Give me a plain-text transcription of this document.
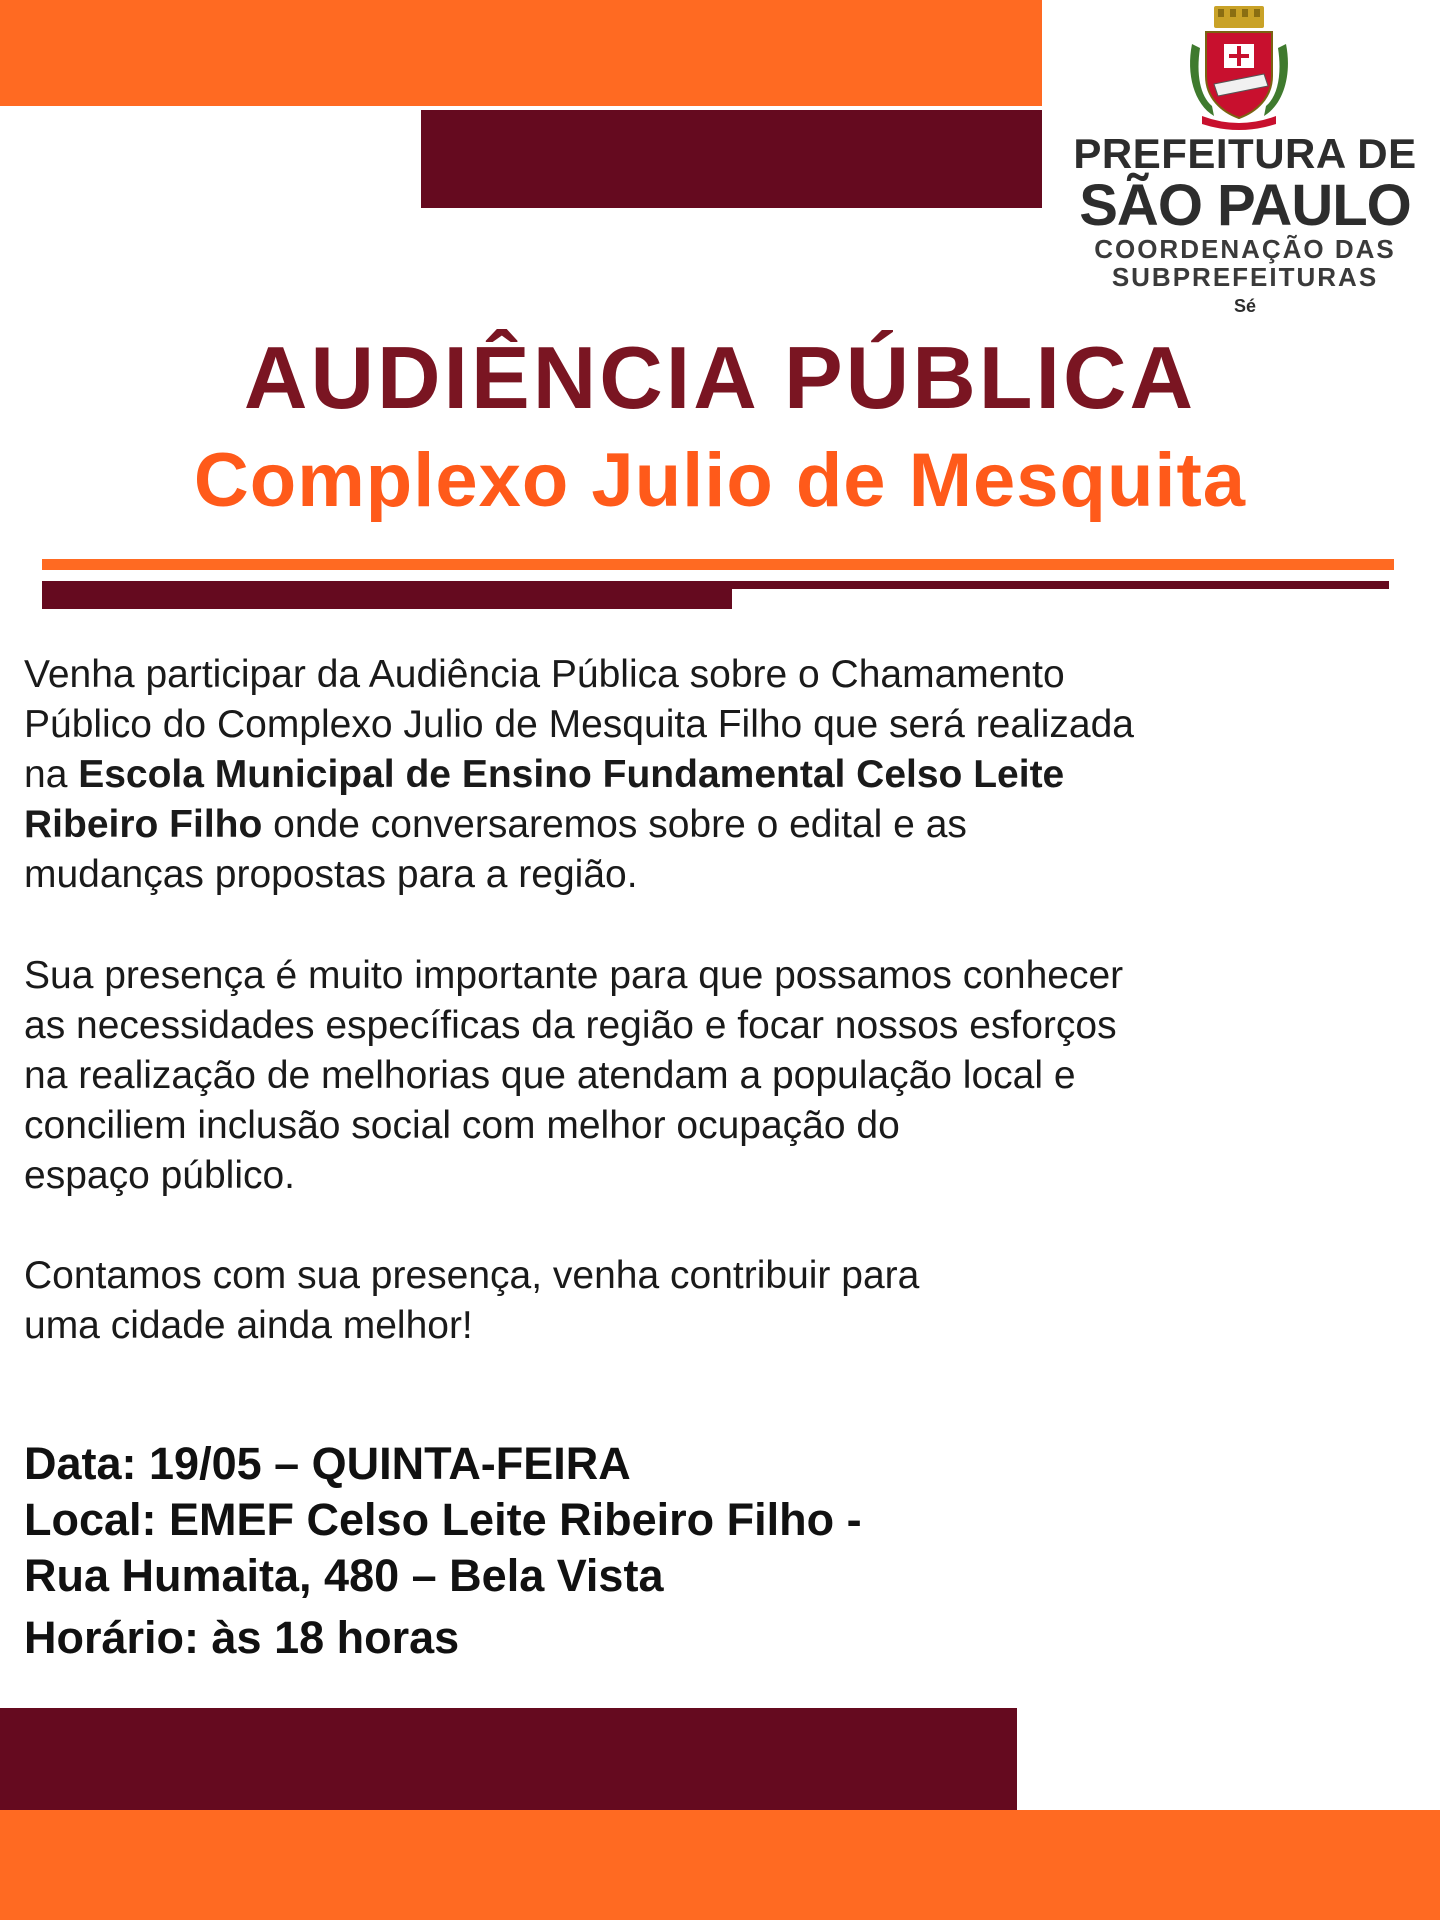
PREFEITURA DE
SÃO PAULO
COORDENAÇÃO DAS
SUBPREFEITURAS
Sé
AUDIÊNCIA PÚBLICA
Complexo Julio de Mesquita

Venha participar da Audiência Pública sobre o Chamamento
Público do Complexo Julio de Mesquita Filho que será realizada
na Escola Municipal de Ensino Fundamental Celso Leite
Ribeiro Filho onde conversaremos sobre o edital e as
mudanças propostas para a região.

Sua presença é muito importante para que possamos conhecer
as necessidades específicas da região e focar nossos esforços
na realização de melhorias que atendam a população local e
conciliem inclusão social com melhor ocupação do
espaço público.

Contamos com sua presença, venha contribuir para
uma cidade ainda melhor!

Data: 19/05 – QUINTA-FEIRA
Local: EMEF Celso Leite Ribeiro Filho -
Rua Humaita, 480 – Bela Vista
Horário: às 18 horas
